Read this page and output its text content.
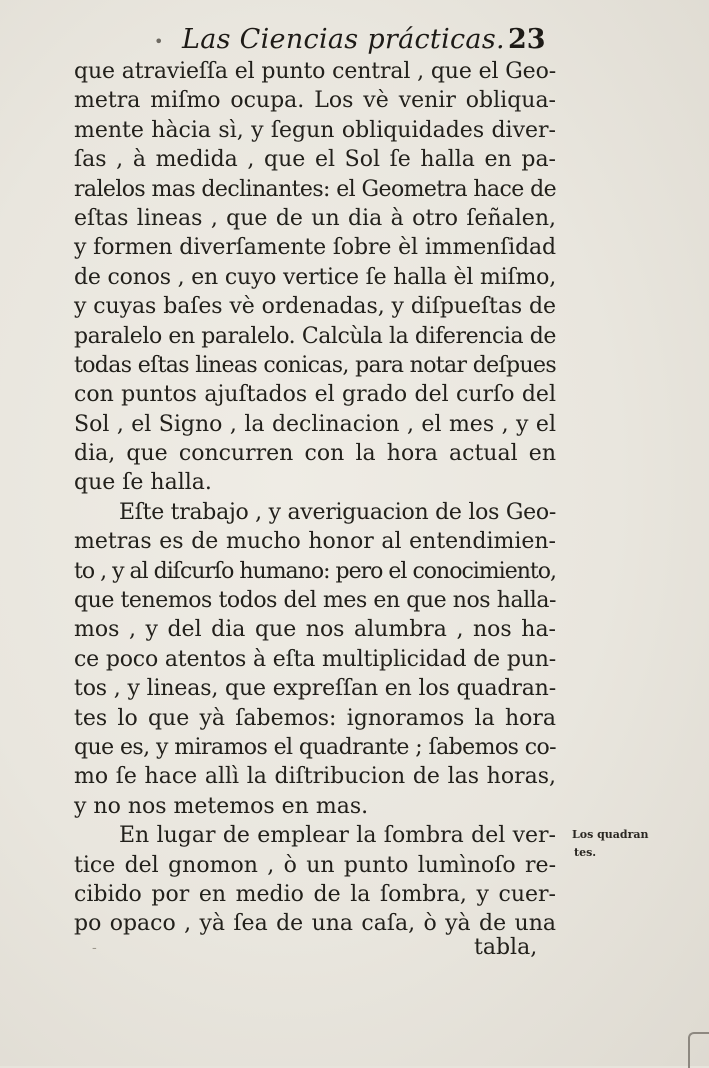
• Las Ciencias prácticas. 23
que atravieſſa el punto central , que el Geo-
metra miſmo ocupa. Los vè venir obliqua-
mente hàcia sì, y ſegun obliquidades diver-
ſas , à medida , que el Sol ſe halla en pa-
ralelos mas declinantes: el Geometra hace de
eſtas lineas , que de un dia à otro ſeñalen,
y formen diverſamente ſobre èl immenſidad
de conos , en cuyo vertice ſe halla èl miſmo,
y cuyas baſes vè ordenadas, y diſpueſtas de
paralelo en paralelo. Calcùla la diferencia de
todas eſtas lineas conicas, para notar deſpues
con puntos ajuſtados el grado del curſo del
Sol , el Signo , la declinacion , el mes , y el
dia, que concurren con la hora actual en
que ſe halla.
Eſte trabajo , y averiguacion de los Geo-
metras es de mucho honor al entendimien-
to , y al diſcurſo humano: pero el conocimiento,
que tenemos todos del mes en que nos halla-
mos , y del dia que nos alumbra , nos ha-
ce poco atentos à eſta multiplicidad de pun-
tos , y lineas, que expreſſan en los quadran-
tes lo que yà ſabemos: ignoramos la hora
que es, y miramos el quadrante ; ſabemos co-
mo ſe hace allì la diſtribucion de las horas,
y no nos metemos en mas.
En lugar de emplear la ſombra del ver-
tice del gnomon , ò un punto lumìnoſo re-
cibido por en medio de la ſombra, y cuer-
po opaco , yà ſea de una caſa, ò yà de una
Los quadran
tes.
-	tabla,
